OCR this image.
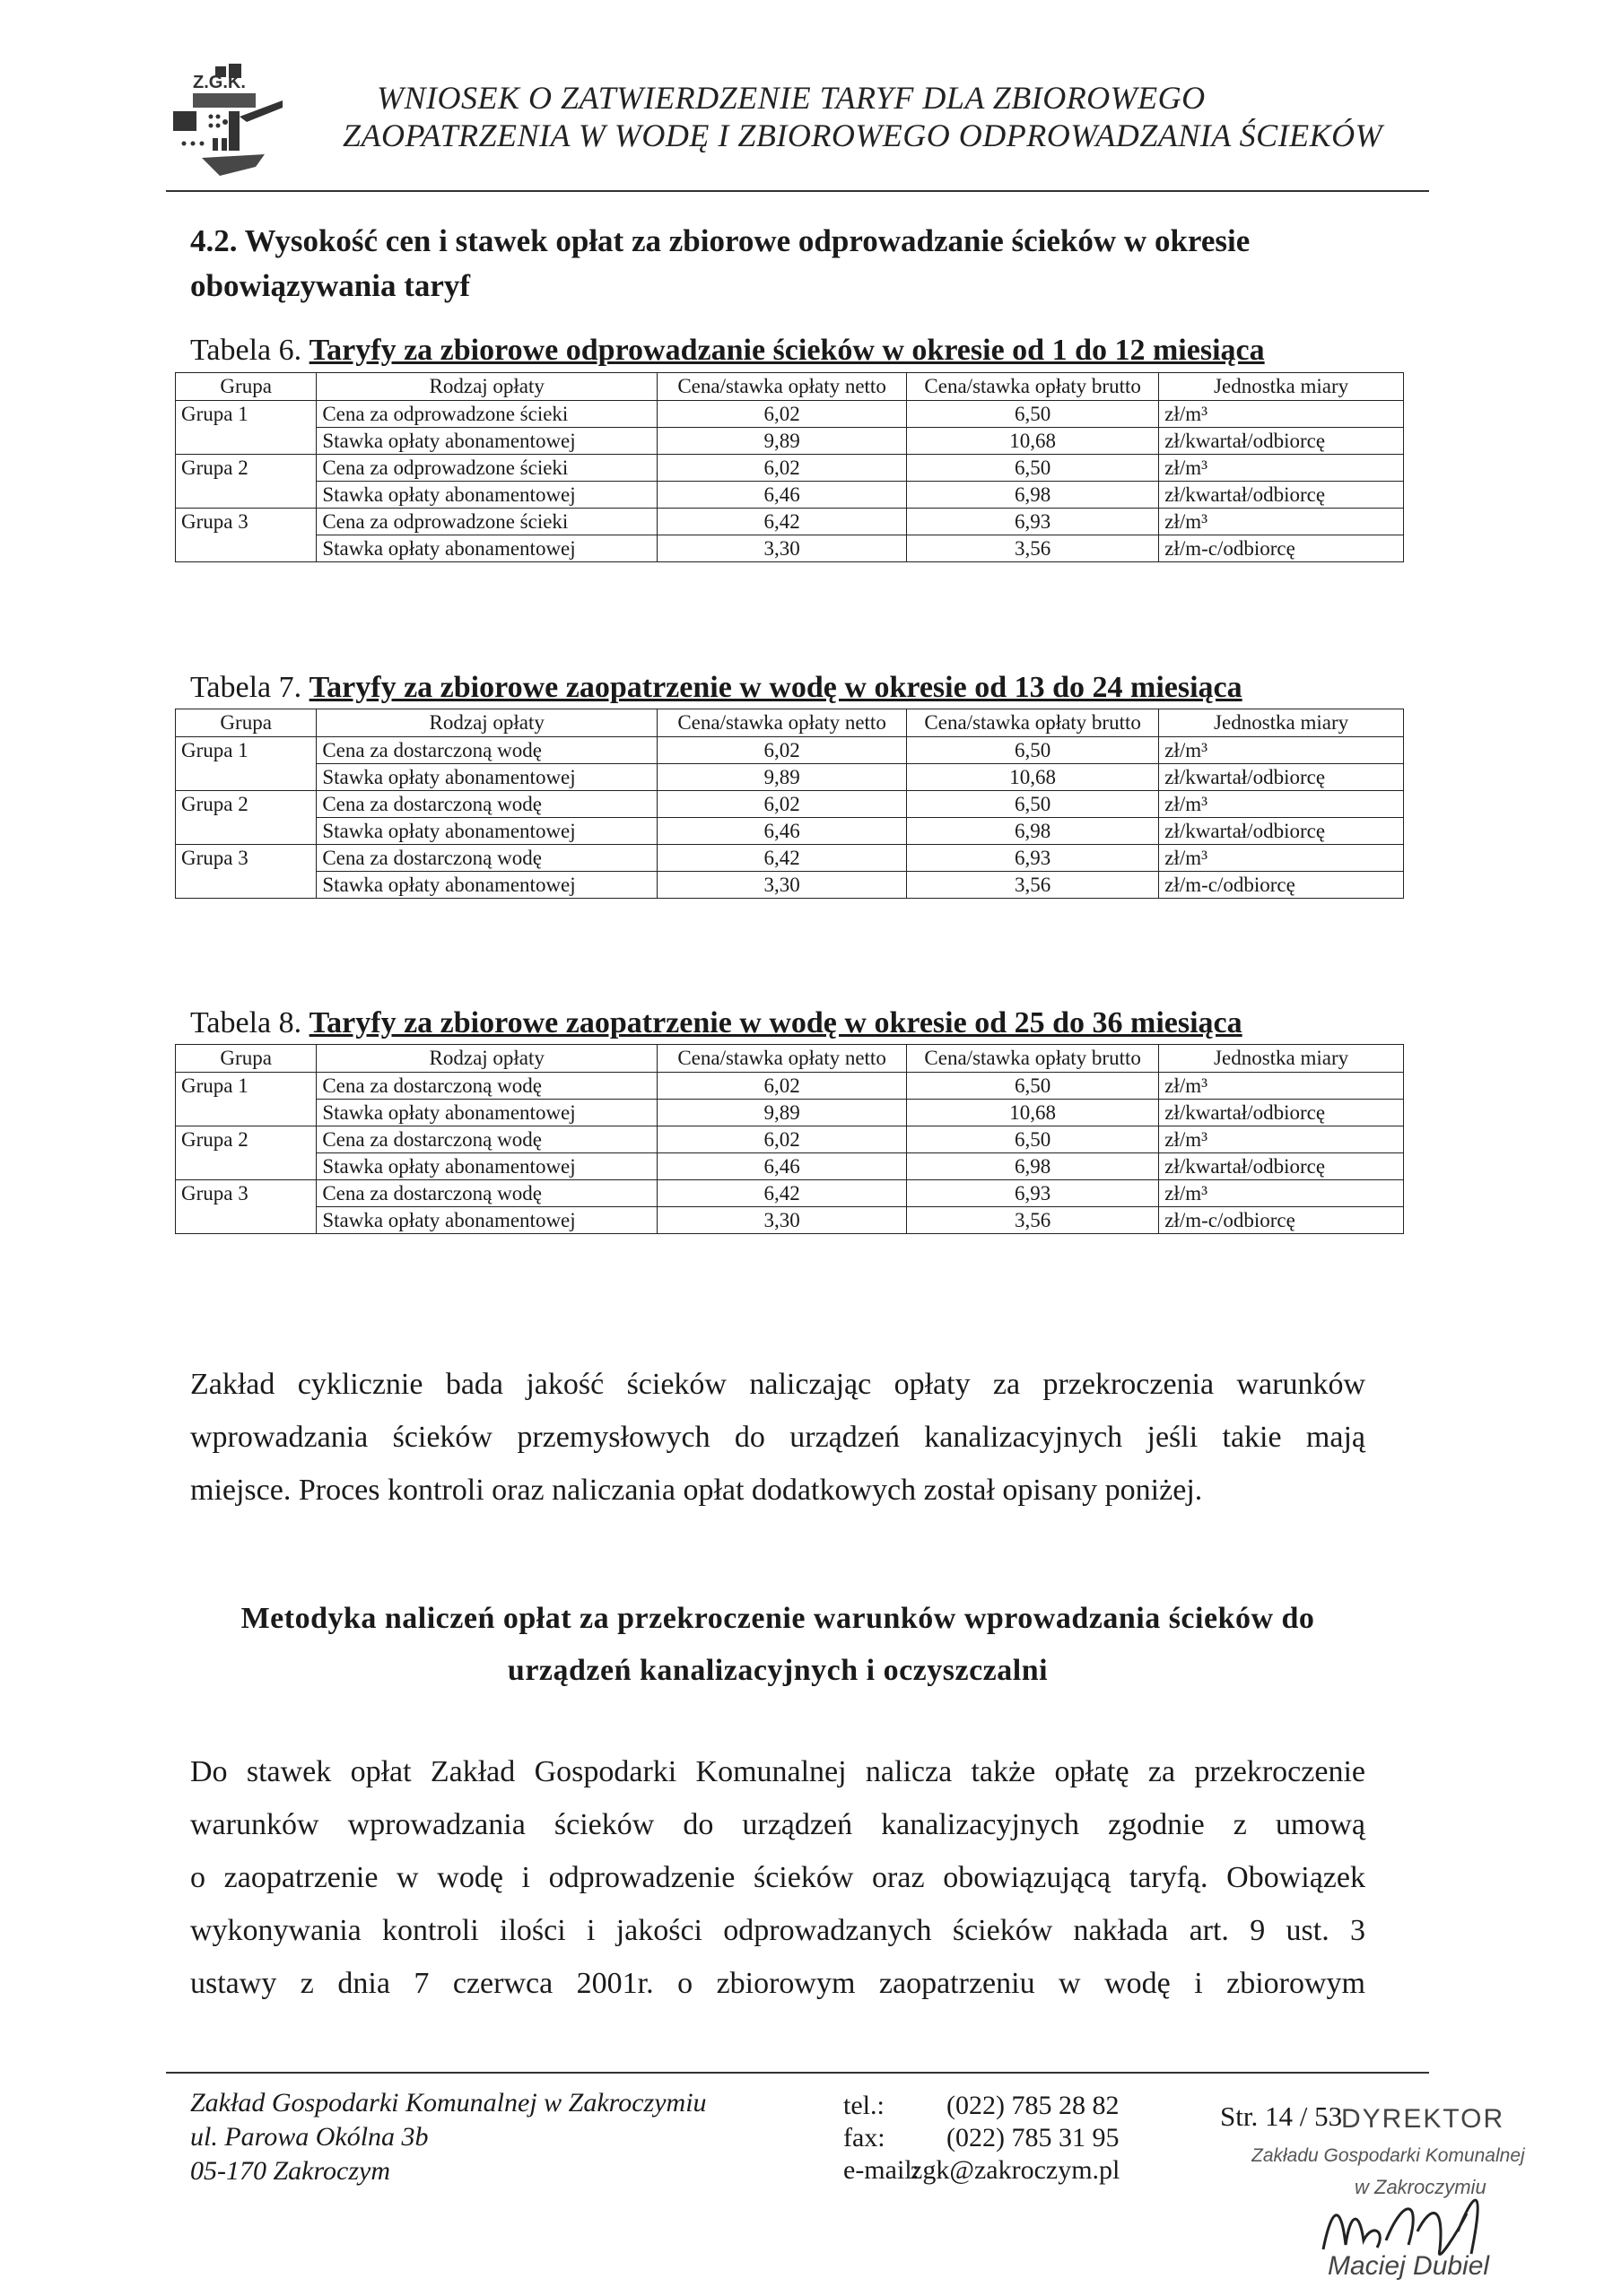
Z.G.K.	WNIOSEK O ZATWIERDZENIE TARYF DLA ZBIOROWEGO
ZAOPATRZENIA W WODĘ I ZBIOROWEGO ODPROWADZANIA ŚCIEKÓW
4.2. Wysokość cen i stawek opłat za zbiorowe odprowadzanie ścieków w okresie obowiązywania taryf
Tabela 6. Taryfy za zbiorowe odprowadzanie ścieków w okresie od 1 do 12 miesiąca
Grupa	Rodzaj opłaty	Cena/stawka opłaty netto	Cena/stawka opłaty brutto	Jednostka miary
Grupa 1	Cena za odprowadzone ścieki	6,02	6,50	zł/m³
	Stawka opłaty abonamentowej	9,89	10,68	zł/kwartał/odbiorcę
Grupa 2	Cena za odprowadzone ścieki	6,02	6,50	zł/m³
	Stawka opłaty abonamentowej	6,46	6,98	zł/kwartał/odbiorcę
Grupa 3	Cena za odprowadzone ścieki	6,42	6,93	zł/m³
	Stawka opłaty abonamentowej	3,30	3,56	zł/m-c/odbiorcę
Tabela 7. Taryfy za zbiorowe zaopatrzenie w wodę w okresie od 13 do 24 miesiąca
Grupa	Rodzaj opłaty	Cena/stawka opłaty netto	Cena/stawka opłaty brutto	Jednostka miary
Grupa 1	Cena za dostarczoną wodę	6,02	6,50	zł/m³
	Stawka opłaty abonamentowej	9,89	10,68	zł/kwartał/odbiorcę
Grupa 2	Cena za dostarczoną wodę	6,02	6,50	zł/m³
	Stawka opłaty abonamentowej	6,46	6,98	zł/kwartał/odbiorcę
Grupa 3	Cena za dostarczoną wodę	6,42	6,93	zł/m³
	Stawka opłaty abonamentowej	3,30	3,56	zł/m-c/odbiorcę
Tabela 8. Taryfy za zbiorowe zaopatrzenie w wodę w okresie od 25 do 36 miesiąca
Grupa	Rodzaj opłaty	Cena/stawka opłaty netto	Cena/stawka opłaty brutto	Jednostka miary
Grupa 1	Cena za dostarczoną wodę	6,02	6,50	zł/m³
	Stawka opłaty abonamentowej	9,89	10,68	zł/kwartał/odbiorcę
Grupa 2	Cena za dostarczoną wodę	6,02	6,50	zł/m³
	Stawka opłaty abonamentowej	6,46	6,98	zł/kwartał/odbiorcę
Grupa 3	Cena za dostarczoną wodę	6,42	6,93	zł/m³
	Stawka opłaty abonamentowej	3,30	3,56	zł/m-c/odbiorcę
Zakład cyklicznie bada jakość ścieków naliczając opłaty za przekroczenia warunków
wprowadzania ścieków przemysłowych do urządzeń kanalizacyjnych jeśli takie mają
miejsce. Proces kontroli oraz naliczania opłat dodatkowych został opisany poniżej.
Metodyka naliczeń opłat za przekroczenie warunków wprowadzania ścieków do
urządzeń kanalizacyjnych i oczyszczalni
Do stawek opłat Zakład Gospodarki Komunalnej nalicza także opłatę za przekroczenie
warunków wprowadzania ścieków do urządzeń kanalizacyjnych zgodnie z umową
o zaopatrzenie w wodę i odprowadzenie ścieków oraz obowiązującą taryfą. Obowiązek
wykonywania kontroli ilości i jakości odprowadzanych ścieków nakłada art. 9 ust. 3
ustawy z dnia 7 czerwca 2001r. o zbiorowym zaopatrzeniu w wodę i zbiorowym
Zakład Gospodarki Komunalnej w Zakroczymiu
ul. Parowa Okólna 3b
05-170 Zakroczym
tel.:
fax:
e-mail:
(022) 785 28 82
(022) 785 31 95
zgk@zakroczym.pl
Str. 14 / 53
DYREKTOR
Zakładu Gospodarki Komunalnej
w Zakroczymiu
Maciej Dubiel
